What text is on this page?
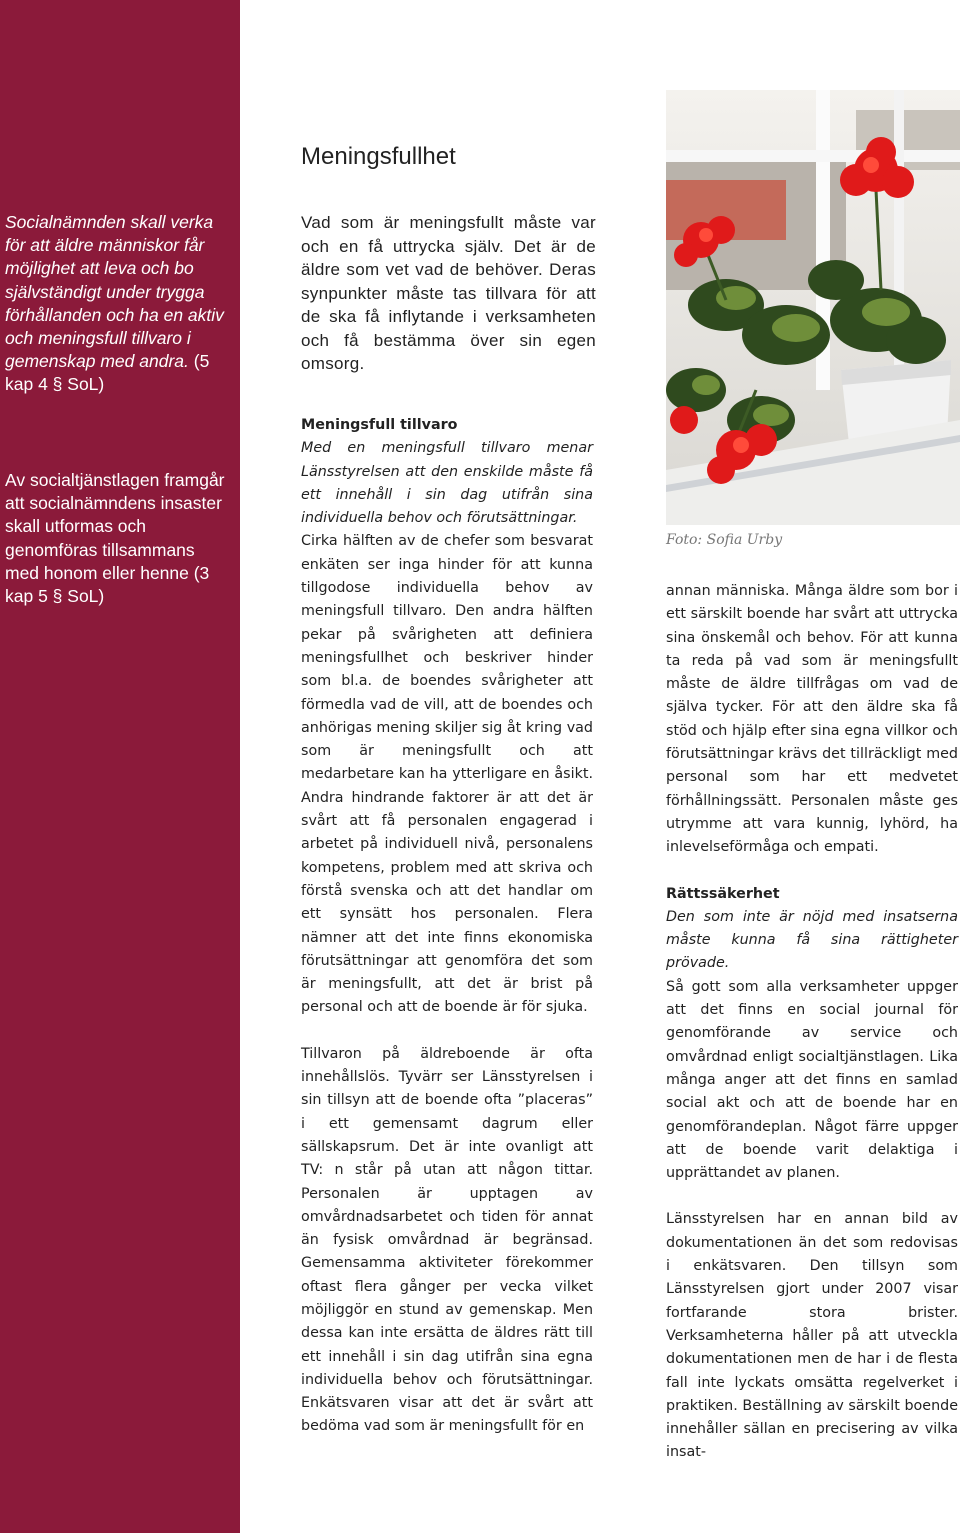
Socialnämnden skall verka för att äldre människor får möjlighet att leva och bo självständigt under trygga förhållanden och ha en aktiv och meningsfull tillvaro i gemenskap med andra. (5 kap 4 § SoL)

Av socialtjänstlagen framgår att socialnämndens insaster skall utformas och genomföras tillsammans med honom eller henne (3 kap 5 § SoL)

Meningsfullhet

Vad som är meningsfullt måste var och en få uttrycka själv. Det är de äldre som vet vad de behöver. Deras synpunkter måste tas tillvara för att de ska få inflytande i verksamheten och få bestämma över sin egen omsorg.

Meningsfull tillvaro

Med en meningsfull tillvaro menar Länsstyrelsen att den enskilde måste få ett innehåll i sin dag utifrån sina individuella behov och förutsättningar.

Cirka hälften av de chefer som besvarat enkäten ser inga hinder för att kunna tillgodose individuella behov av meningsfull tillvaro. Den andra hälften pekar på svårigheten att definiera meningsfullhet och beskriver hinder som bl.a. de boendes svårigheter att förmedla vad de vill, att de boendes och anhörigas mening skiljer sig åt kring vad som är meningsfullt och att medarbetare kan ha ytterligare en åsikt. Andra hindrande faktorer är att det är svårt att få personalen engagerad i arbetet på individuell nivå, personalens kompetens, problem med att skriva och förstå svenska och att det handlar om ett synsätt hos personalen. Flera nämner att det inte finns ekonomiska förutsättningar att genomföra det som är meningsfullt, att det är brist på personal och att de boende är för sjuka.

Tillvaron på äldreboende är ofta innehållslös. Tyvärr ser Länsstyrelsen i sin tillsyn att de boende ofta ”placeras” i ett gemensamt dagrum eller sällskapsrum. Det är inte ovanligt att TV: n står på utan att någon tittar. Personalen är upptagen av omvårdnadsarbetet och tiden för annat än fysisk omvårdnad är begränsad. Gemensamma aktiviteter förekommer oftast flera gånger per vecka vilket möjliggör en stund av gemenskap. Men dessa kan inte ersätta de äldres rätt till ett innehåll i sin dag utifrån sina egna individuella behov och förutsättningar. Enkätsvaren visar att det är svårt att bedöma vad som är meningsfullt för en

Foto: Sofia Urby

annan människa. Många äldre som bor i ett särskilt boende har svårt att uttrycka sina önskemål och behov. För att kunna ta reda på vad som är meningsfullt måste de äldre tillfrågas om vad de själva tycker. För att den äldre ska få stöd och hjälp efter sina egna villkor och förutsättningar krävs det tillräckligt med personal som har ett medvetet förhållningssätt. Personalen måste ges utrymme att vara kunnig, lyhörd, ha inlevelseförmåga och empati.

Rättssäkerhet

Den som inte är nöjd med insatserna måste kunna få sina rättigheter prövade.

Så gott som alla verksamheter uppger att det finns en social journal för genomförande av service och omvårdnad enligt socialtjänstlagen. Lika många anger att det finns en samlad social akt och att de boende har en genomförandeplan. Något färre uppger att de boende varit delaktiga i upprättandet av planen.

Länsstyrelsen har en annan bild av dokumentationen än det som redovisas i enkätsvaren. Den tillsyn som Länsstyrelsen gjort under 2007 visar fortfarande stora brister. Verksamheterna håller på att utveckla dokumentationen men de har i de flesta fall inte lyckats omsätta regelverket i praktiken. Beställning av särskilt boende innehåller sällan en precisering av vilka insat-
